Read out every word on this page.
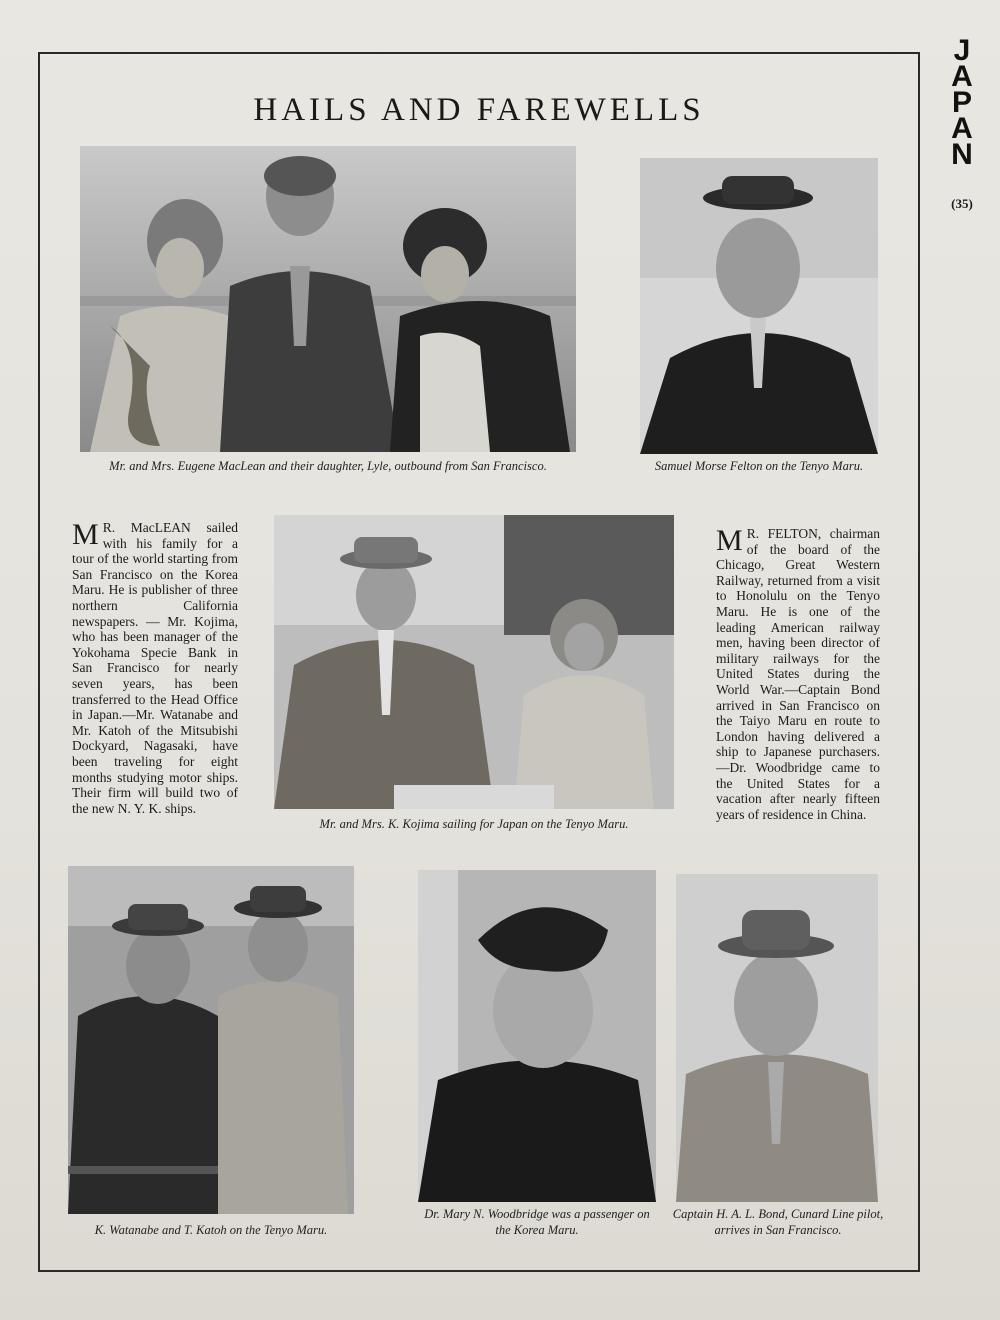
J
A
P
A
N
(35)
HAILS AND FAREWELLS
Mr. and Mrs. Eugene MacLean and their daughter, Lyle, outbound from San Francisco.	Samuel Morse Felton on the Tenyo Maru.

M R. MacLEAN sailed with his family for a tour of the world starting from San Francisco on the Korea Maru. He is publisher of three northern California newspapers. — Mr. Kojima, who has been manager of the Yokohama Specie Bank in San Francisco for nearly seven years, has been transferred to the Head Office in Japan.—Mr. Watanabe and Mr. Katoh of the Mitsubishi Dockyard, Nagasaki, have been traveling for eight months studying motor ships. Their firm will build two of the new N. Y. K. ships.

Mr. and Mrs. K. Kojima sailing for Japan on the Tenyo Maru.

M R. FELTON, chairman of the board of the Chicago, Great Western Railway, returned from a visit to Honolulu on the Tenyo Maru. He is one of the leading American railway men, having been director of military railways for the United States during the World War.—Captain Bond arrived in San Francisco on the Taiyo Maru en route to London having delivered a ship to Japanese purchasers.—Dr. Woodbridge came to the United States for a vacation after nearly fifteen years of residence in China.

K. Watanabe and T. Katoh on the Tenyo Maru.
Dr. Mary N. Woodbridge was a passenger on the Korea Maru.
Captain H. A. L. Bond, Cunard Line pilot, arrives in San Francisco.
